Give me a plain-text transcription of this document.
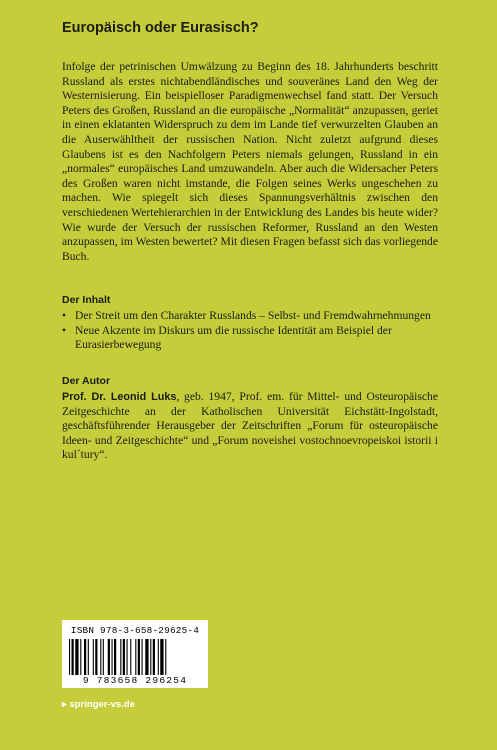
Europäisch oder Eurasisch?

Infolge der petrinischen Umwälzung zu Beginn des 18. Jahrhunderts beschritt Russland als erstes nichtabendländisches und souveränes Land den Weg der Westernisierung. Ein beispielloser Paradigmenwechsel fand statt. Der Versuch Peters des Großen, Russland an die europäische „Normalität“ anzupassen, geriet in einen eklatanten Widerspruch zu dem im Lande tief verwurzelten Glauben an die Auserwähltheit der russischen Nation. Nicht zuletzt aufgrund dieses Glaubens ist es den Nachfolgern Peters niemals gelungen, Russland in ein „normales“ europäisches Land umzuwandeln. Aber auch die Widersacher Peters des Großen waren nicht imstande, die Folgen seines Werks ungeschehen zu machen. Wie spiegelt sich dieses Spannungsverhältnis zwischen den verschiedenen Wertehierarchien in der Entwicklung des Landes bis heute wider? Wie wurde der Versuch der russischen Reformer, Russland an den Westen anzupassen, im Westen bewertet? Mit diesen Fragen befasst sich das vorliegende Buch.

Der Inhalt
• Der Streit um den Charakter Russlands – Selbst- und Fremdwahrnehmungen
• Neue Akzente im Diskurs um die russische Identität am Beispiel der Eurasierbewegung
Der Autor

Prof. Dr. Leonid Luks, geb. 1947, Prof. em. für Mittel- und Osteuropäische Zeitgeschichte an der Katholischen Universität Eichstätt-Ingolstadt, geschäftsführender Herausgeber der Zeitschriften „Forum für osteuropäische Ideen- und Zeitgeschichte“ und „Forum noveishei vostochnoevropeiskoi istorii i kul´tury“.

ISBN 978-3-658-29625-4
9 783658 296254
▸ springer-vs.de
